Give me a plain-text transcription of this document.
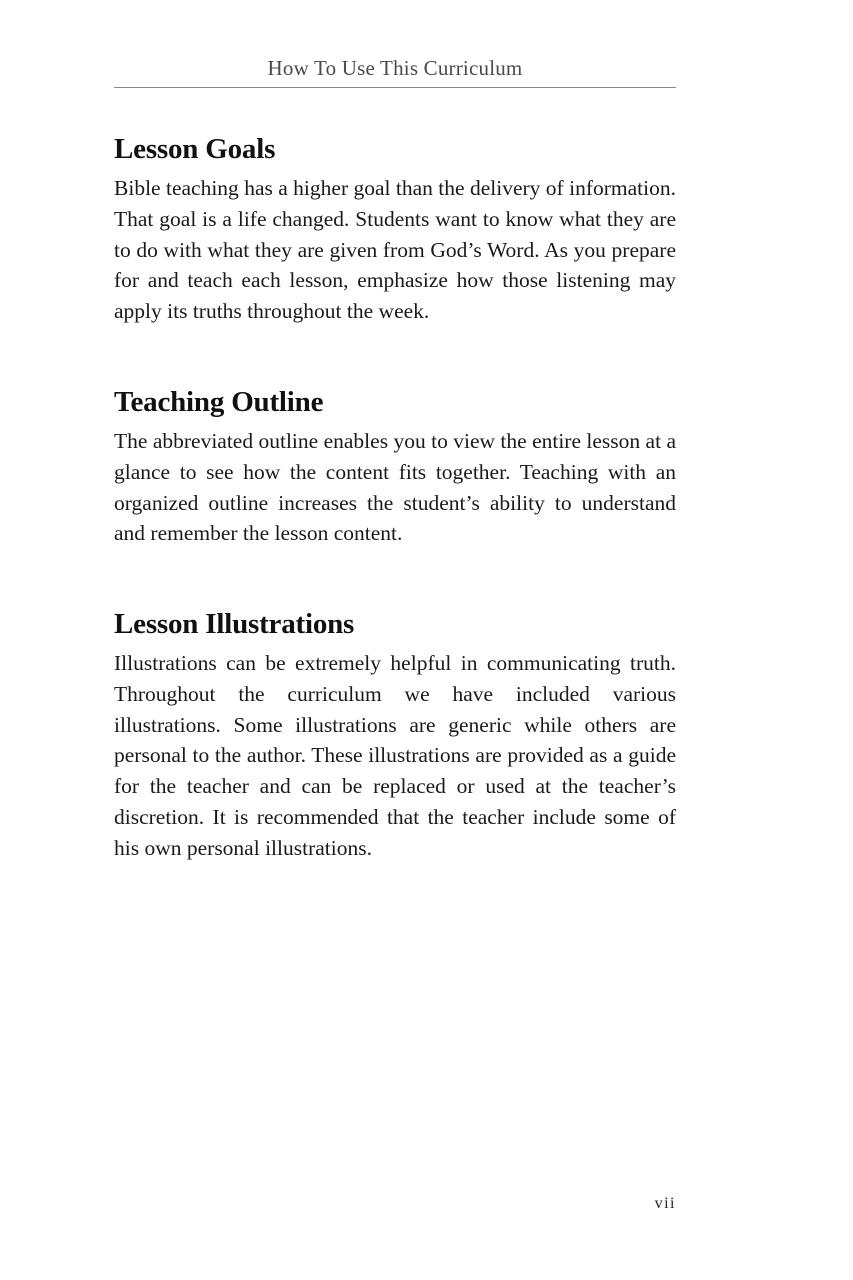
How To Use This Curriculum
Lesson Goals

Bible teaching has a higher goal than the delivery of information. That goal is a life changed. Students want to know what they are to do with what they are given from God’s Word. As you prepare for and teach each lesson, emphasize how those listening may apply its truths throughout the week.

Teaching Outline

The abbreviated outline enables you to view the entire lesson at a glance to see how the content fits together. Teaching with an organized outline increases the student’s ability to understand and remember the lesson content.

Lesson Illustrations

Illustrations can be extremely helpful in communicating truth. Throughout the curriculum we have included various illustrations. Some illustrations are generic while others are personal to the author. These illustrations are provided as a guide for the teacher and can be replaced or used at the teacher’s discretion. It is recommended that the teacher include some of his own personal illustrations.

vii
